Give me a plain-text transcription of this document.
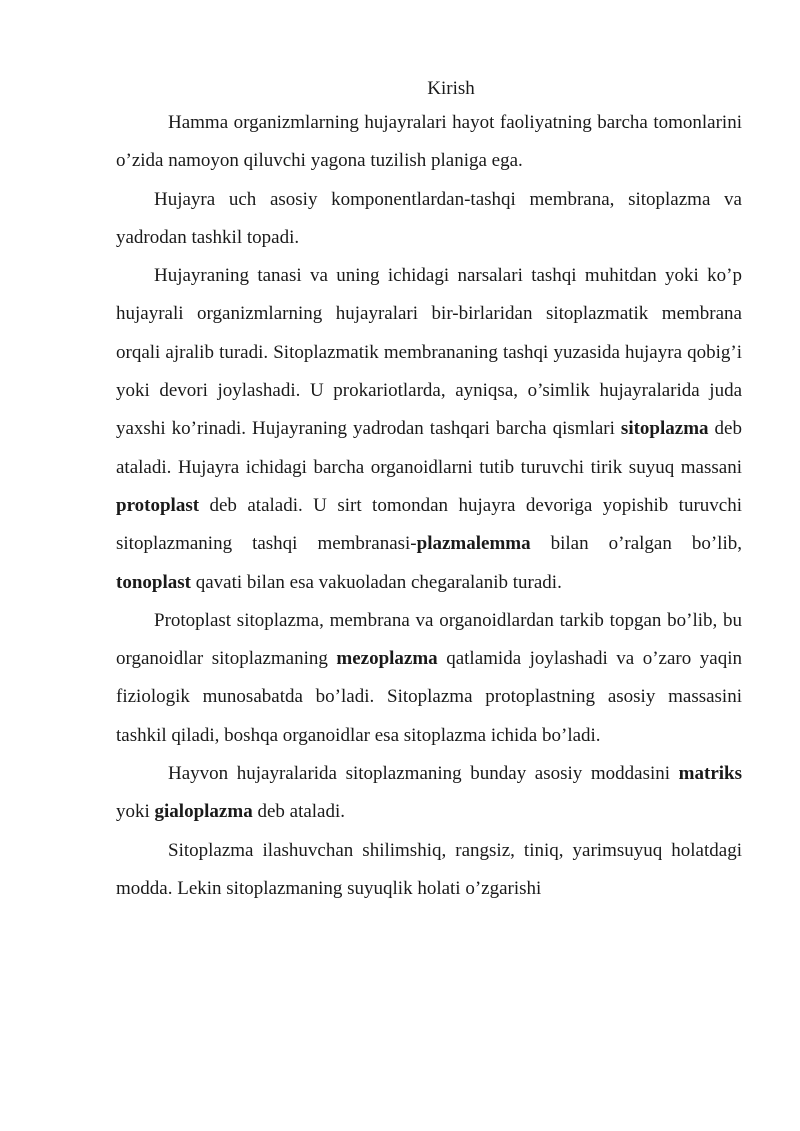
Kirish

Hamma organizmlarning hujayralari hayot faoliyatning barcha tomonlarini o’zida namoyon qiluvchi yagona tuzilish planiga ega.

Hujayra uch asosiy komponentlardan-tashqi membrana, sitoplazma va yadrodan tashkil topadi.

Hujayraning tanasi va uning ichidagi narsalari tashqi muhitdan yoki ko’p hujayrali organizmlarning hujayralari bir-birlaridan sitoplazmatik membrana orqali ajralib turadi. Sitoplazmatik membrananing tashqi yuzasida hujayra qobig’i yoki devori joylashadi. U prokariotlarda, ayniqsa, o’simlik hujayralarida juda yaxshi ko’rinadi. Hujayraning yadrodan tashqari barcha qismlari sitoplazma deb ataladi. Hujayra ichidagi barcha organoidlarni tutib turuvchi tirik suyuq massani protoplast deb ataladi. U sirt tomondan hujayra devoriga yopishib turuvchi sitoplazmaning tashqi membranasi-plazmalemma bilan o’ralgan bo’lib, tonoplast qavati bilan esa vakuoladan chegaralanib turadi.

Protoplast sitoplazma, membrana va organoidlardan tarkib topgan bo’lib, bu organoidlar sitoplazmaning mezoplazma qatlamida joylashadi va o’zaro yaqin fiziologik munosabatda bo’ladi. Sitoplazma protoplastning asosiy massasini tashkil qiladi, boshqa organoidlar esa sitoplazma ichida bo’ladi.

Hayvon hujayralarida sitoplazmaning bunday asosiy moddasini matriks yoki gialoplazma deb ataladi.

Sitoplazma ilashuvchan shilimshiq, rangsiz, tiniq, yarimsuyuq holatdagi modda. Lekin sitoplazmaning suyuqlik holati o’zgarishi
